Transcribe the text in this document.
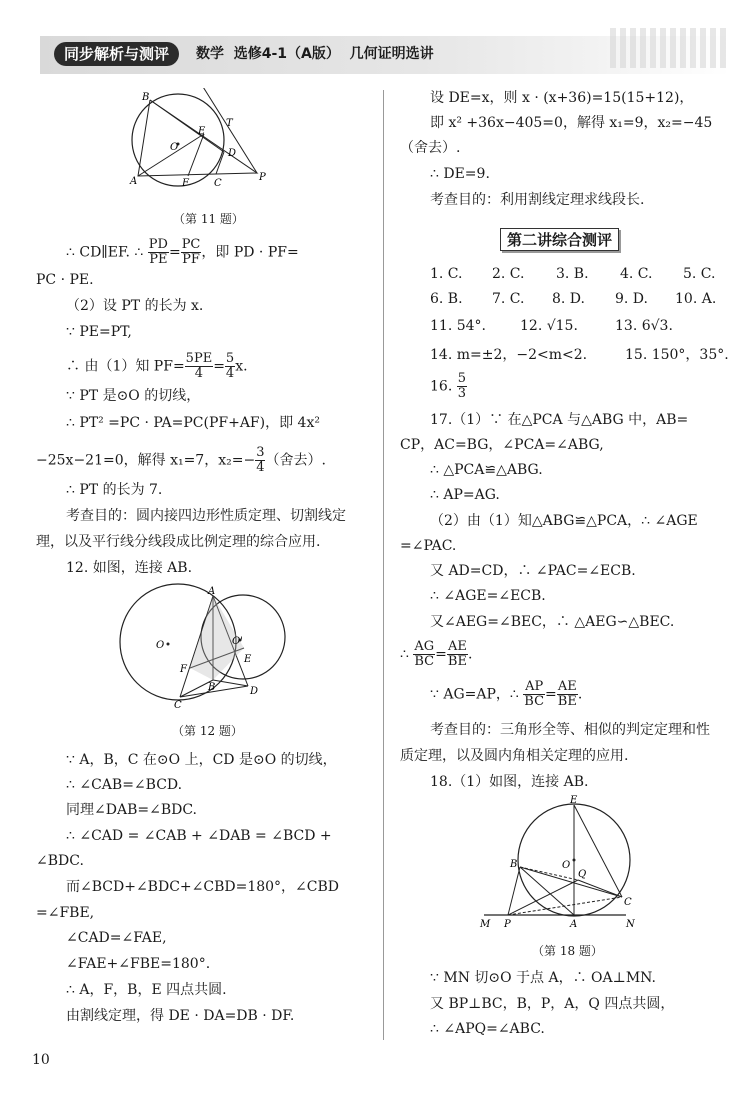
同步解析与测评	数学  选修4-1（A版）  几何证明选讲
B
T
E
O
D
A	F	C
P
（第 11 题）
∴ CD∥EF. ∴ $\frac{PD}{PE} = \frac{PC}{PF}$ ，即 PD · PF=
PC · PE.
（2）设 PT 的长为 x.
∵ PE=PT,
∴ 由（1）知 $PF= \frac{5PE}{4} = \frac{5}{4} x$.
∵ PT 是⊙O 的切线，
∴ PT² =PC · PA=PC(PF+AF)，即 4x²
−25x−21=0，解得 x₁=7，$x_2=- \frac{3}{4}$ （舍去）.
∴ PT 的长为 7.
考查目的：圆内接四边形性质定理、切割线定
理，以及平行线分线段成比例定理的综合应用.
12. 如图，连接 AB.
A
O	O'
F
E
B	D
C
（第 12 题）
∵ A，B，C 在⊙O 上，CD 是⊙O 的切线，
∴ ∠CAB=∠BCD.
同理∠DAB=∠BDC.
∴ ∠CAD = ∠CAB + ∠DAB = ∠BCD +
∠BDC.
而∠BCD+∠BDC+∠CBD=180°，∠CBD
=∠FBE,
∠CAD=∠FAE,
∠FAE+∠FBE=180°.
∴ A，F，B，E 四点共圆.
由割线定理，得 DE · DA=DB · DF.
设 DE=x，则 x · (x+36)=15(15+12)，
即 x² +36x−405=0，解得 x₁=9，x₂=−45
（舍去）.
∴ DE=9.
考查目的：利用割线定理求线段长.
第二讲综合测评
1. C. 2. C. 3. B. 4. C. 5. C.
6. B. 7. C. 8. D. 9. D. 10. A.
11. 54°. 12. √15.	13. 6√3.
14. m=±2，−2<m<2.	15. 150°，35°.
16. $\frac{5}{3}$
17.（1）∵ 在△PCA 与△ABG 中，AB=
CP，AC=BG，∠PCA=∠ABG,
∴ △PCA≌△ABG.
∴ AP=AG.
（2）由（1）知△ABG≌△PCA，∴ ∠AGE
=∠PAC.
又 AD=CD，∴ ∠PAC=∠ECB.
∴ ∠AGE=∠ECB.
又∠AEG=∠BEC，∴ △AEG∽△BEC.
∴ $\frac{AG}{BC} = \frac{AE}{BE}$ .
∵ AG=AP，∴ $\frac{AP}{BC} = \frac{AE}{BE}$ .
考查目的：三角形全等、相似的判定定理和性
质定理，以及圆内角相关定理的应用.
18.（1）如图，连接 AB.
E
B	O
Q
C
M P	A	N
（第 18 题）
∵ MN 切⊙O 于点 A，∴ OA⊥MN.
又 BP⊥BC，B，P，A，Q 四点共圆，
∴ ∠APQ=∠ABC.
10
